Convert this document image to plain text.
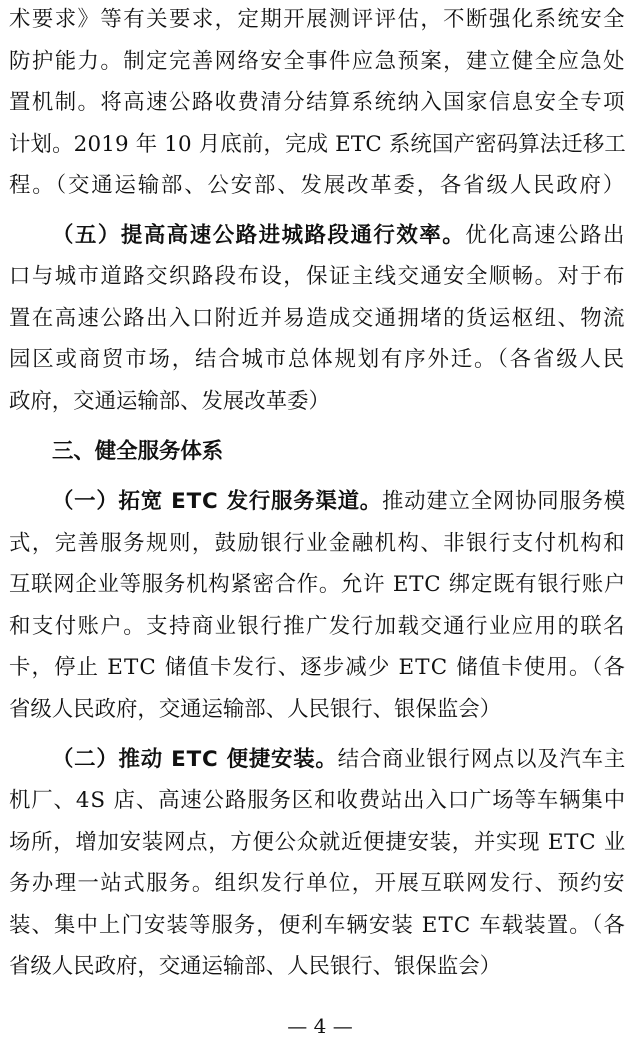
术要求》等有关要求，定期开展测评评估，不断强化系统安全
防护能力。制定完善网络安全事件应急预案，建立健全应急处
置机制。将高速公路收费清分结算系统纳入国家信息安全专项
计划。2019 年 10 月底前，完成 ETC 系统国产密码算法迁移工
程。（交通运输部、公安部、发展改革委，各省级人民政府）
（五）提高高速公路进城路段通行效率。优化高速公路出
口与城市道路交织路段布设，保证主线交通安全顺畅。对于布
置在高速公路出入口附近并易造成交通拥堵的货运枢纽、物流
园区或商贸市场，结合城市总体规划有序外迁。（各省级人民
政府，交通运输部、发展改革委）
三、健全服务体系
（一）拓宽 ETC 发行服务渠道。推动建立全网协同服务模
式，完善服务规则，鼓励银行业金融机构、非银行支付机构和
互联网企业等服务机构紧密合作。允许 ETC 绑定既有银行账户
和支付账户。支持商业银行推广发行加载交通行业应用的联名
卡，停止 ETC 储值卡发行、逐步减少 ETC 储值卡使用。（各
省级人民政府，交通运输部、人民银行、银保监会）
（二）推动 ETC 便捷安装。结合商业银行网点以及汽车主
机厂、4S 店、高速公路服务区和收费站出入口广场等车辆集中
场所，增加安装网点，方便公众就近便捷安装，并实现 ETC 业
务办理一站式服务。组织发行单位，开展互联网发行、预约安
装、集中上门安装等服务，便利车辆安装 ETC 车载装置。（各
省级人民政府，交通运输部、人民银行、银保监会）
— 4 —
